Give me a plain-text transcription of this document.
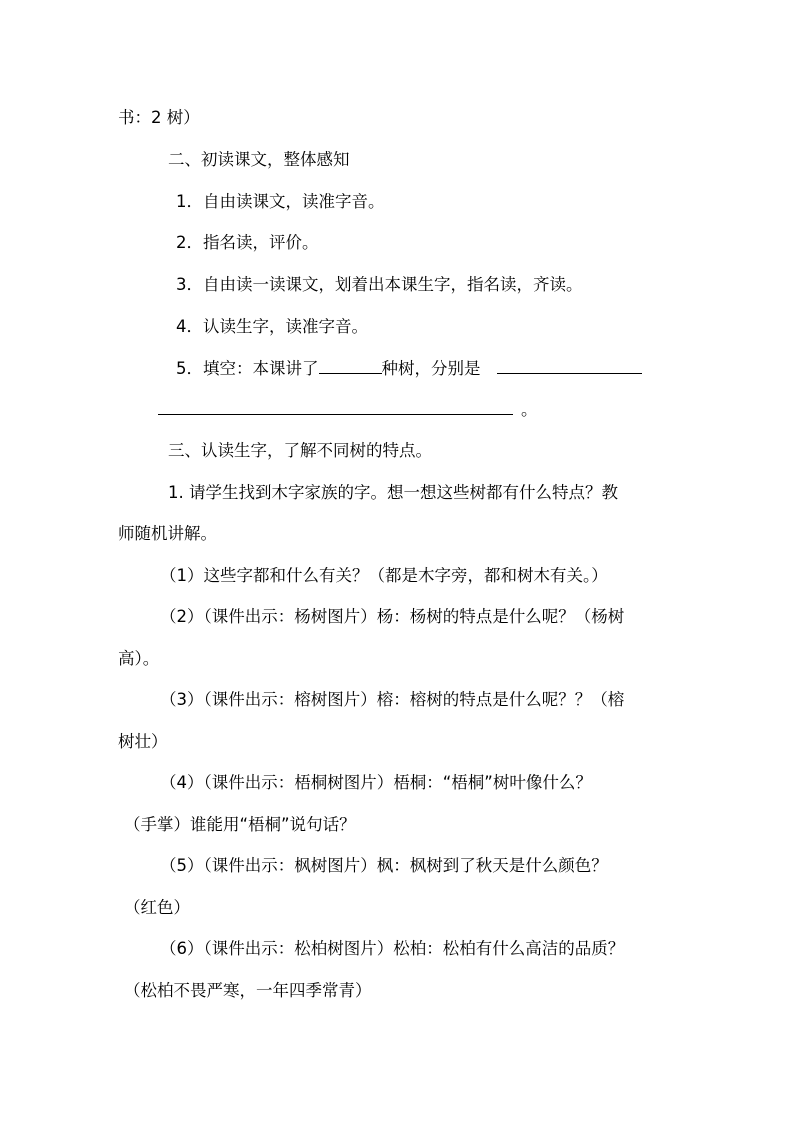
书：2 树）
二、初读课文，整体感知
1．自由读课文，读准字音。
2．指名读，评价。
3．自由读一读课文，划着出本课生字，指名读，齐读。
4．认读生字，读准字音。
5．填空：本课讲了	种树，分别是
。
三、认读生字，了解不同树的特点。
1. 请学生找到木字家族的字。想一想这些树都有什么特点？教
师随机讲解。
（1）这些字都和什么有关？（都是木字旁，都和树木有关。）
（2）（课件出示：杨树图片）杨：杨树的特点是什么呢？（杨树
高）。
（3）（课件出示：榕树图片）榕：榕树的特点是什么呢？？（榕
树壮）
（4）（课件出示：梧桐树图片）梧桐：“梧桐”树叶像什么？
（手掌）谁能用“梧桐”说句话？
（5）（课件出示：枫树图片）枫：枫树到了秋天是什么颜色？
（红色）
（6）（课件出示：松柏树图片）松柏：松柏有什么高洁的品质？
（松柏不畏严寒，一年四季常青）
